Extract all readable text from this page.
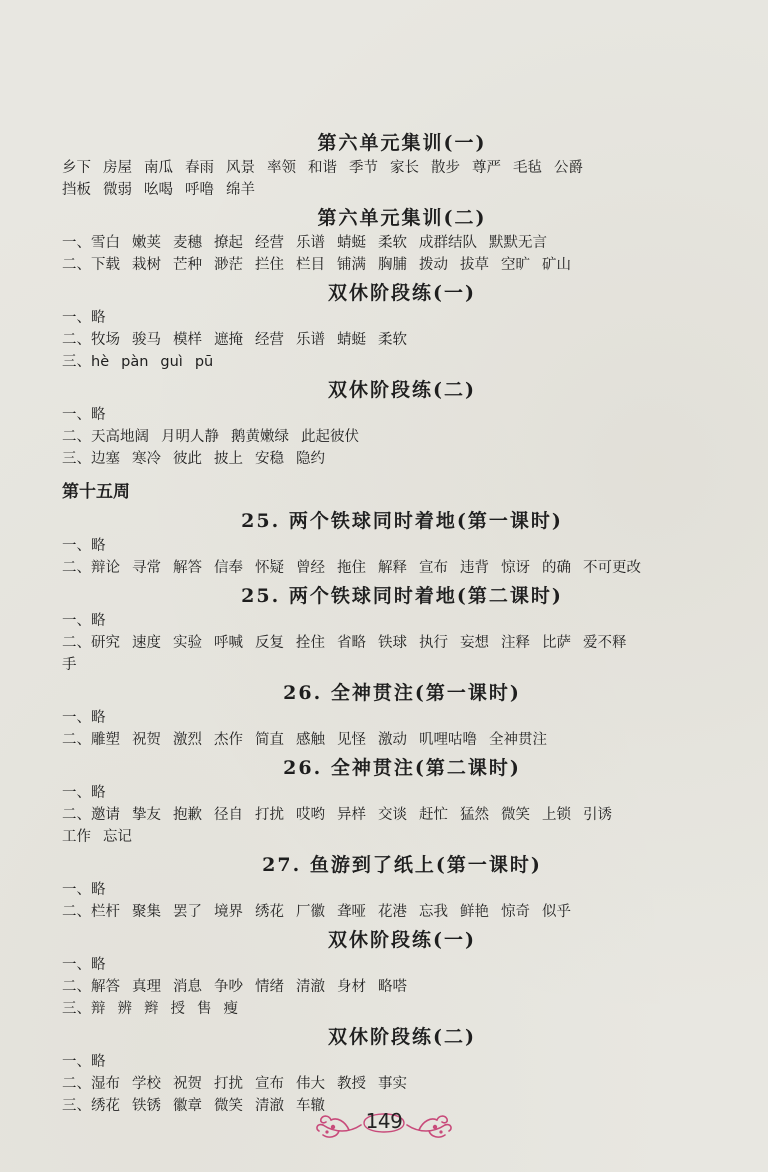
第六单元集训(一)
乡下 房屋 南瓜 春雨 风景 率领 和谐 季节 家长 散步 尊严 毛毡 公爵
挡板 微弱 吆喝 呼噜 绵羊
第六单元集训(二)
一、雪白 嫩荚 麦穗 撩起 经营 乐谱 蜻蜓 柔软 成群结队 默默无言
二、下载 栽树 芒种 渺茫 拦住 栏目 铺满 胸脯 拨动 拔草 空旷 矿山
双休阶段练(一)
一、略
二、牧场 骏马 模样 遮掩 经营 乐谱 蜻蜓 柔软
三、hè pàn guì pū
双休阶段练(二)
一、略
二、天高地阔 月明人静 鹅黄嫩绿 此起彼伏
三、边塞 寒冷 彼此 披上 安稳 隐约
第十五周
25. 两个铁球同时着地(第一课时)
一、略
二、辩论 寻常 解答 信奉 怀疑 曾经 拖住 解释 宣布 违背 惊讶 的确 不可更改
25. 两个铁球同时着地(第二课时)
一、略
二、研究 速度 实验 呼喊 反复 拴住 省略 铁球 执行 妄想 注释 比萨 爱不释
手
26. 全神贯注(第一课时)
一、略
二、雕塑 祝贺 激烈 杰作 简直 感触 见怪 激动 叽哩咕噜 全神贯注
26. 全神贯注(第二课时)
一、略
二、邀请 挚友 抱歉 径自 打扰 哎哟 异样 交谈 赶忙 猛然 微笑 上锁 引诱
工作 忘记
27. 鱼游到了纸上(第一课时)
一、略
二、栏杆 聚集 罢了 境界 绣花 厂徽 聋哑 花港 忘我 鲜艳 惊奇 似乎
双休阶段练(一)
一、略
二、解答 真理 消息 争吵 情绪 清澈 身材 略嗒
三、辩 辨 辫 授 售 瘦
双休阶段练(二)
一、略
二、湿布 学校 祝贺 打扰 宣布 伟大 教授 事实
三、绣花 铁锈 徽章 微笑 清澈 车辙
149
